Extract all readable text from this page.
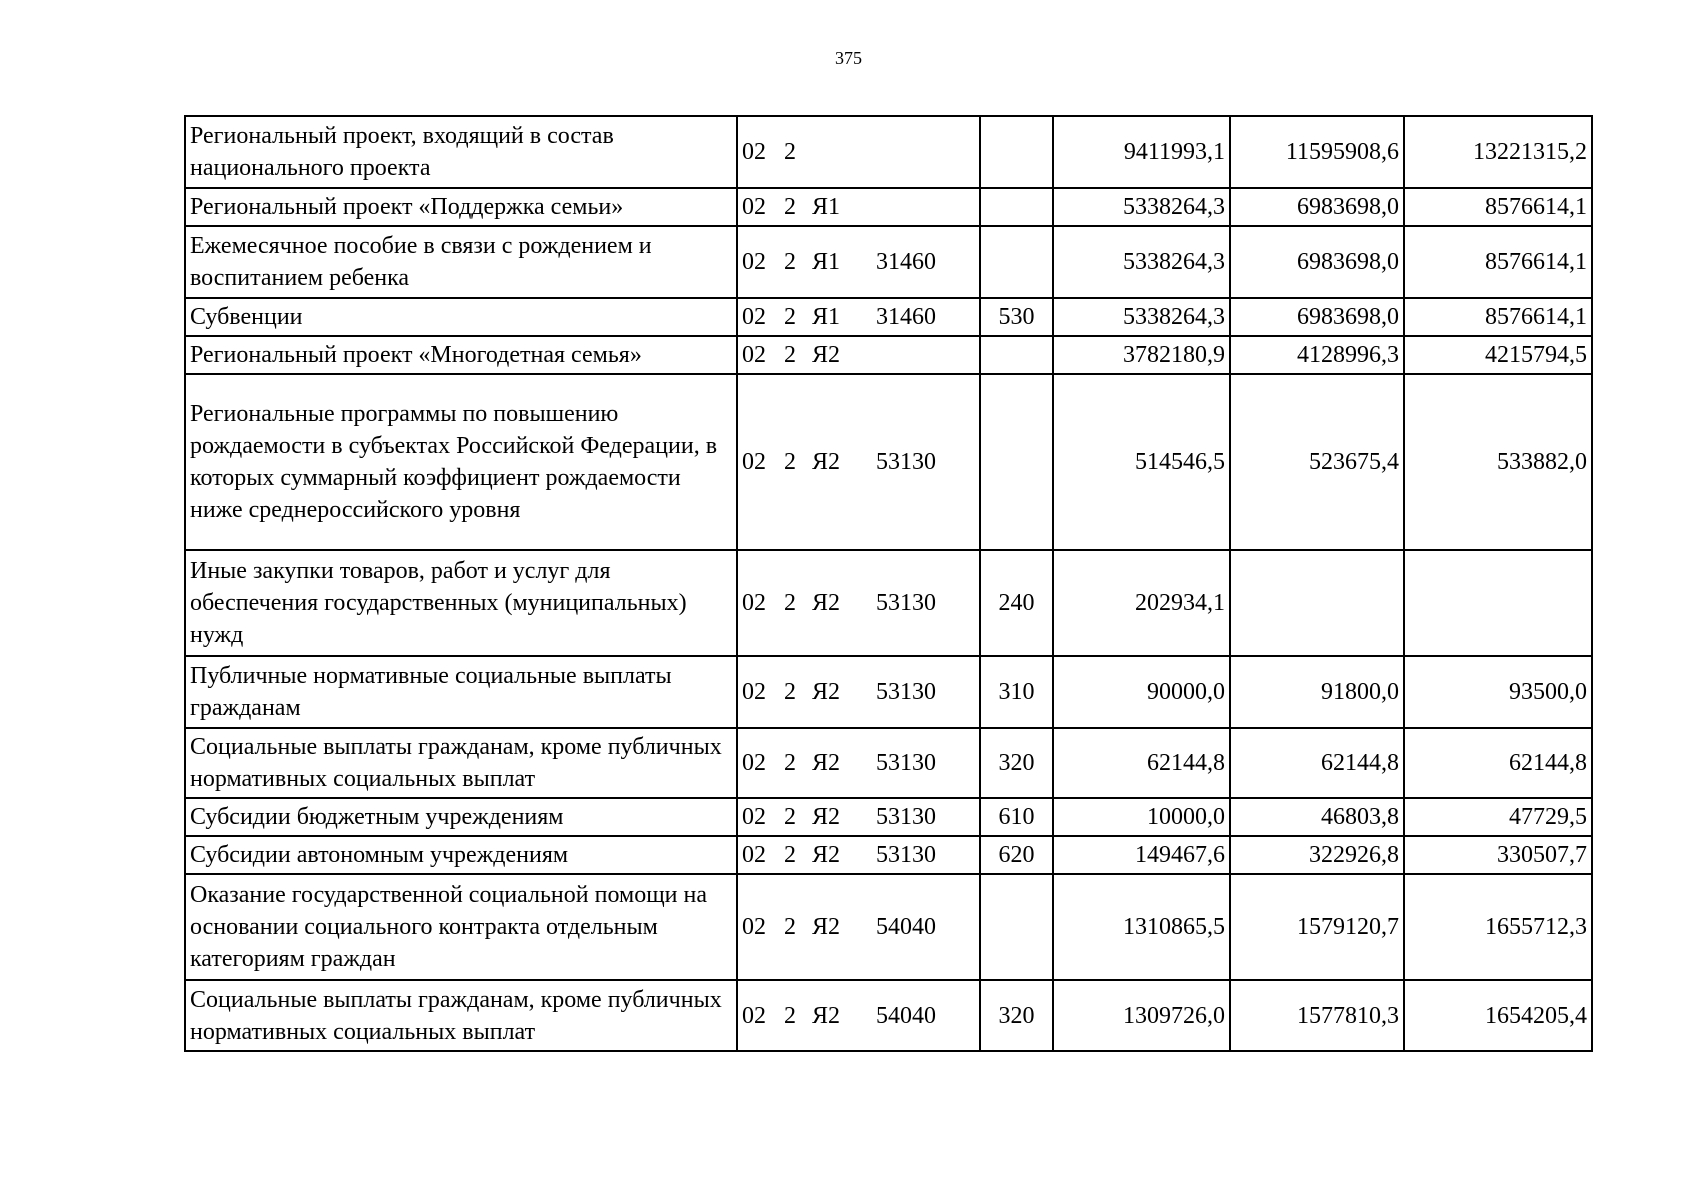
375
Региональный проект, входящий в состав национального проекта	02 2		9411993,1	11595908,6	13221315,2
Региональный проект «Поддержка семьи»	02 2 Я1		5338264,3	6983698,0	8576614,1
Ежемесячное пособие в связи с рождением и воспитанием ребенка	02 2 Я1 31460		5338264,3	6983698,0	8576614,1
Субвенции	02 2 Я1 31460	530	5338264,3	6983698,0	8576614,1
Региональный проект «Многодетная семья»	02 2 Я2		3782180,9	4128996,3	4215794,5
Региональные программы по повышению рождаемости в субъектах Российской Федерации, в которых суммарный коэффициент рождаемости ниже среднероссийского уровня	02 2 Я2 53130		514546,5	523675,4	533882,0
Иные закупки товаров, работ и услуг для обеспечения государственных (муниципальных) нужд	02 2 Я2 53130	240	202934,1		
Публичные нормативные социальные выплаты гражданам	02 2 Я2 53130	310	90000,0	91800,0	93500,0
Социальные выплаты гражданам, кроме публичных нормативных социальных выплат	02 2 Я2 53130	320	62144,8	62144,8	62144,8
Субсидии бюджетным учреждениям	02 2 Я2 53130	610	10000,0	46803,8	47729,5
Субсидии автономным учреждениям	02 2 Я2 53130	620	149467,6	322926,8	330507,7
Оказание государственной социальной помощи на основании социального контракта отдельным категориям граждан	02 2 Я2 54040		1310865,5	1579120,7	1655712,3
Социальные выплаты гражданам, кроме публичных нормативных социальных выплат	02 2 Я2 54040	320	1309726,0	1577810,3	1654205,4
